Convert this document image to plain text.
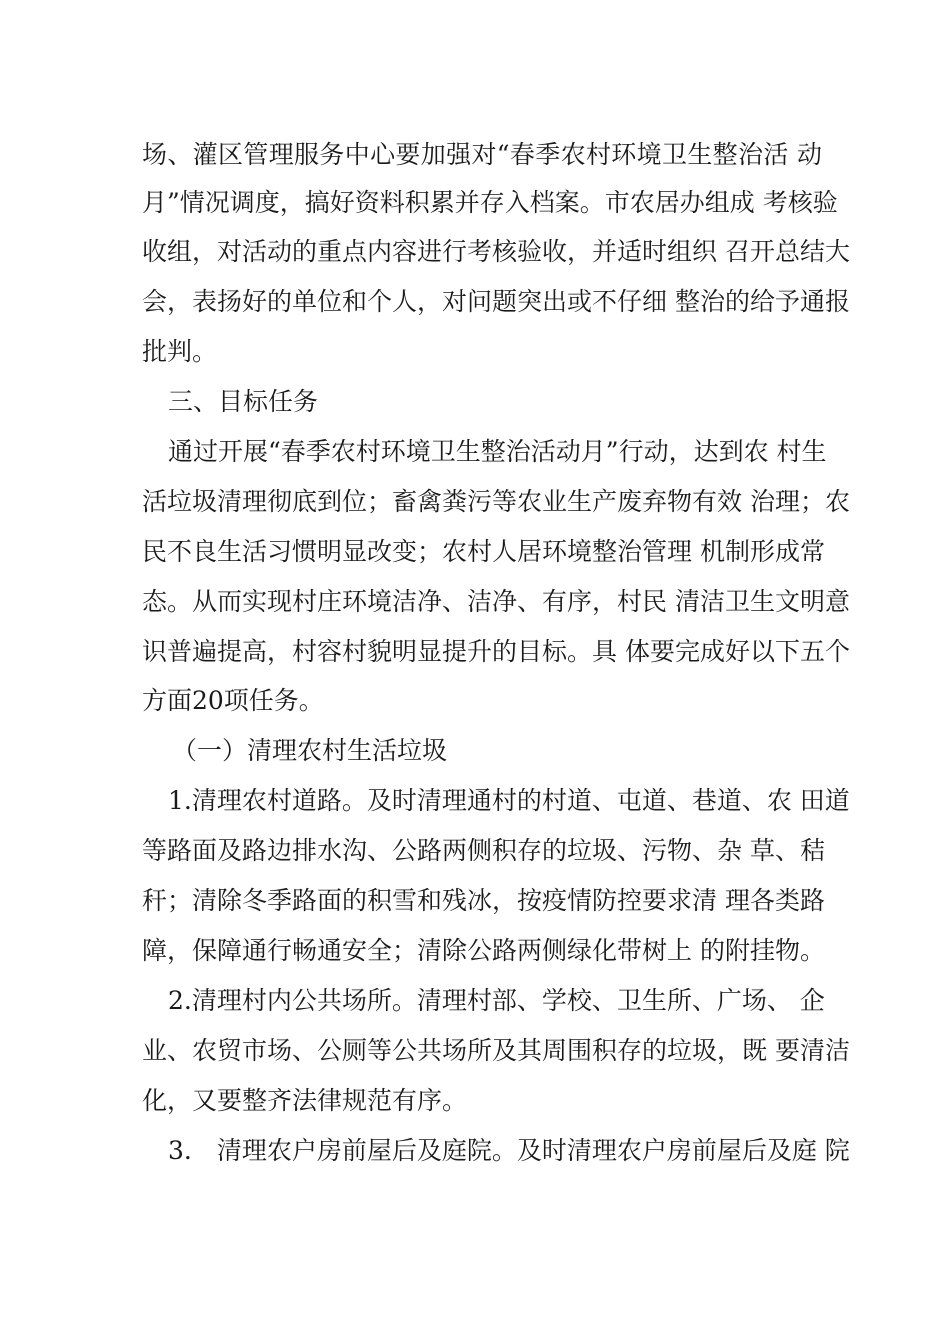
场、灌区管理服务中心要加强对“春季农村环境卫生整治活 动
月”情况调度，搞好资料积累并存入档案。市农居办组成 考核验
收组，对活动的重点内容进行考核验收，并适时组织 召开总结大
会，表扬好的单位和个人，对问题突出或不仔细 整治的给予通报
批判。
三、目标任务
通过开展“春季农村环境卫生整治活动月”行动，达到农 村生
活垃圾清理彻底到位；畜禽粪污等农业生产废弃物有效 治理；农
民不良生活习惯明显改变；农村人居环境整治管理 机制形成常
态。从而实现村庄环境洁净、洁净、有序，村民 清洁卫生文明意
识普遍提高，村容村貌明显提升的目标。具 体要完成好以下五个
方面20项任务。
（一）清理农村生活垃圾
1.清理农村道路。及时清理通村的村道、屯道、巷道、农 田道
等路面及路边排水沟、公路两侧积存的垃圾、污物、杂 草、秸
秆；清除冬季路面的积雪和残冰，按疫情防控要求清 理各类路
障，保障通行畅通安全；清除公路两侧绿化带树上 的附挂物。
2.清理村内公共场所。清理村部、学校、卫生所、广场、 企
业、农贸市场、公厕等公共场所及其周围积存的垃圾，既 要清洁
化，又要整齐法律规范有序。
3.　清理农户房前屋后及庭院。及时清理农户房前屋后及庭 院
